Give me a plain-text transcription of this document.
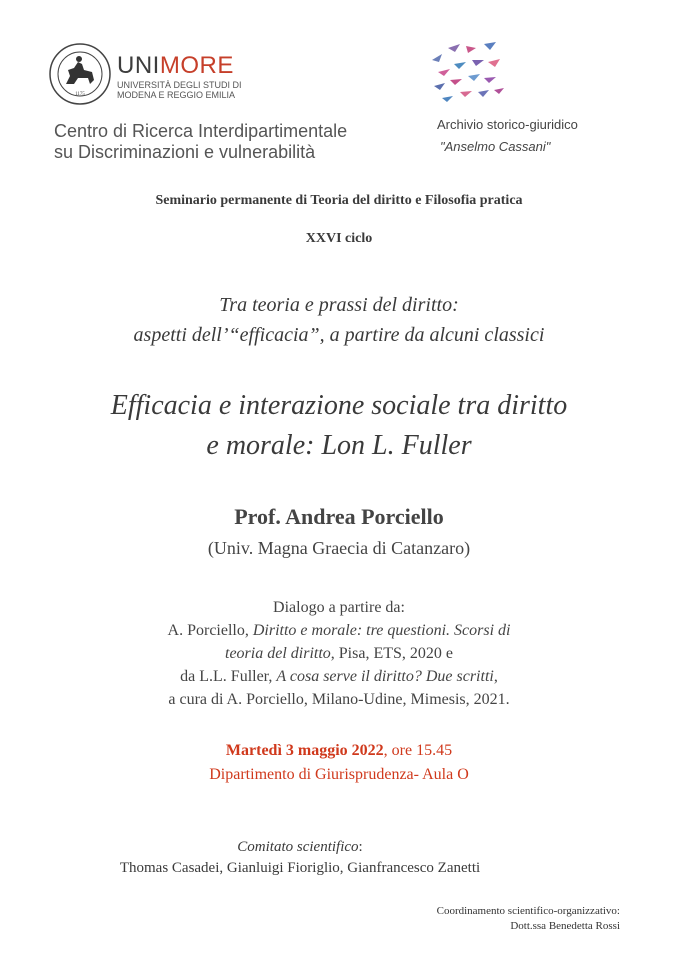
1175
UNIMORE
UNIVERSITÀ DEGLI STUDI DI
MODENA E REGGIO EMILIA
Centro di Ricerca Interdipartimentale
su Discriminazioni e vulnerabilità
Archivio storico-giuridico
"Anselmo Cassani"
Seminario permanente di Teoria del diritto e Filosofia pratica
XXVI ciclo
Tra teoria e prassi del diritto:
aspetti dell’“efficacia”, a partire da alcuni classici
Efficacia e interazione sociale tra diritto
e morale: Lon L. Fuller
Prof. Andrea Porciello
(Univ. Magna Graecia di Catanzaro)
Dialogo a partire da:
A. Porciello, Diritto e morale: tre questioni. Scorsi di
teoria del diritto, Pisa, ETS, 2020 e
da L.L. Fuller, A cosa serve il diritto? Due scritti,
a cura di A. Porciello, Milano-Udine, Mimesis, 2021.
Martedì 3 maggio 2022, ore 15.45
Dipartimento di Giurisprudenza- Aula O
Comitato scientifico:
Thomas Casadei, Gianluigi Fioriglio, Gianfrancesco Zanetti
Coordinamento scientifico-organizzativo:
Dott.ssa Benedetta Rossi
